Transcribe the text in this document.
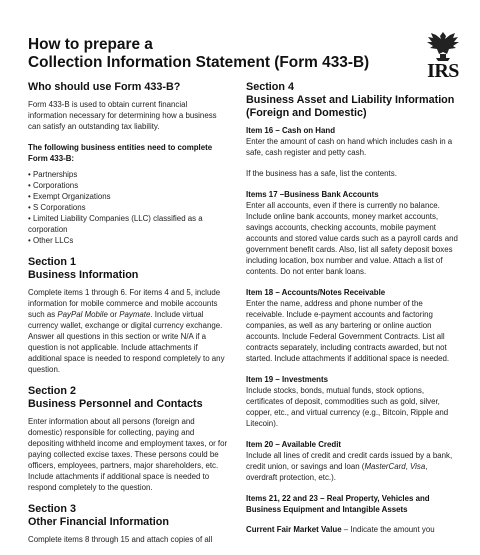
How to prepare a
Collection Information Statement (Form 433-B)	IRS
Who should use Form 433-B?

Form 433-B is used to obtain current financial information necessary for determining how a business can satisfy an outstanding tax liability.

The following business entities need to complete Form 433-B:
• Partnerships
• Corporations
• Exempt Organizations
• S Corporations
• Limited Liability Companies (LLC) classified as a corporation
• Other LLCs
Section 1
Business Information

Complete items 1 through 6. For items 4 and 5, include information for mobile commerce and mobile accounts such as PayPal Mobile or Paymate. Include virtual currency wallet, exchange or digital currency exchange. Answer all questions in this section or write N/A if a question is not applicable. Include attachments if additional space is needed to respond completely to any question.

Section 2
Business Personnel and Contacts

Enter information about all persons (foreign and domestic) responsible for collecting, paying and depositing withheld income and employment taxes, or for paying collected excise taxes. These persons could be officers, employees, partners, major shareholders, etc. Include attachments if additional space is needed to respond completely to the question.

Section 3
Other Financial Information

Complete items 8 through 15 and attach copies of all

Section 4
Business Asset and Liability Information (Foreign and Domestic)
Item 16 – Cash on Hand

Enter the amount of cash on hand which includes cash in a safe, cash register and petty cash.

If the business has a safe, list the contents.

Items 17 –Business Bank Accounts

Enter all accounts, even if there is currently no balance. Include online bank accounts, money market accounts, savings accounts, checking accounts, mobile payment accounts and stored value cards such as a payroll cards and government benefit cards. Also, list all safety deposit boxes including location, box number and value. Attach a list of contents. Do not enter bank loans.

Item 18 – Accounts/Notes Receivable

Enter the name, address and phone number of the receivable. Include e-payment accounts and factoring companies, as well as any bartering or online auction accounts. Include Federal Government Contracts. List all contracts separately, including contracts awarded, but not started. Include attachments if additional space is needed.

Item 19 – Investments

Include stocks, bonds, mutual funds, stock options, certificates of deposit, commodities such as gold, silver, copper, etc., and virtual currency (e.g., Bitcoin, Ripple and Litecoin).

Item 20 – Available Credit

Include all lines of credit and credit cards issued by a bank, credit union, or savings and loan (MasterCard, Visa, overdraft protection, etc.).

Items 21, 22 and 23 – Real Property, Vehicles and Business Equipment and Intangible Assets

Current Fair Market Value – Indicate the amount you
